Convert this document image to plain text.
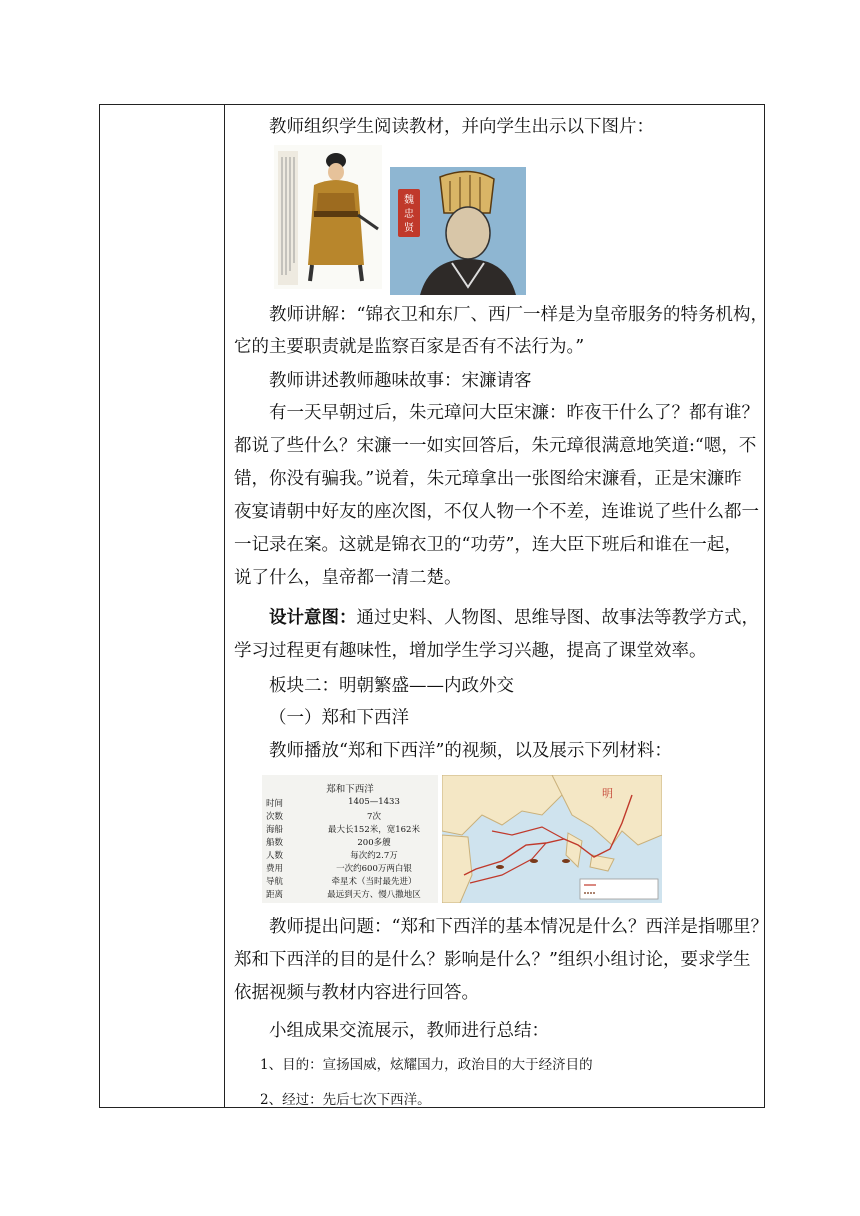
教师组织学生阅读教材，并向学生出示以下图片：

魏
忠
贤

教师讲解：“锦衣卫和东厂、西厂一样是为皇帝服务的特务机构，

它的主要职责就是监察百家是否有不法行为。”

教师讲述教师趣味故事：宋濂请客

有一天早朝过后，朱元璋问大臣宋濂：昨夜干什么了？都有谁？

都说了些什么？宋濂一一如实回答后，朱元璋很满意地笑道:“嗯，不

错，你没有骗我。”说着，朱元璋拿出一张图给宋濂看，正是宋濂昨

夜宴请朝中好友的座次图，不仅人物一个不差，连谁说了些什么都一

一记录在案。这就是锦衣卫的“功劳”，连大臣下班后和谁在一起，

说了什么，皇帝都一清二楚。

设计意图：通过史料、人物图、思维导图、故事法等教学方式，

学习过程更有趣味性，增加学生学习兴趣，提高了课堂效率。

板块二：明朝繁盛——内政外交

（一）郑和下西洋

教师播放“郑和下西洋”的视频，以及展示下列材料：

郑和下西洋
时间	1405—1433
次数	7次
海船	最大长152米，宽162米
船数	200多艘
人数	每次约2.7万
费用	一次约600万两白银
导航	牵星术（当时最先进）
距离	最远到天方、慢八撒地区
明

教师提出问题：“郑和下西洋的基本情况是什么？西洋是指哪里？

郑和下西洋的目的是什么？影响是什么？”组织小组讨论，要求学生

依据视频与教材内容进行回答。

小组成果交流展示，教师进行总结：

1、目的：宣扬国威，炫耀国力，政治目的大于经济目的

2、经过：先后七次下西洋。
